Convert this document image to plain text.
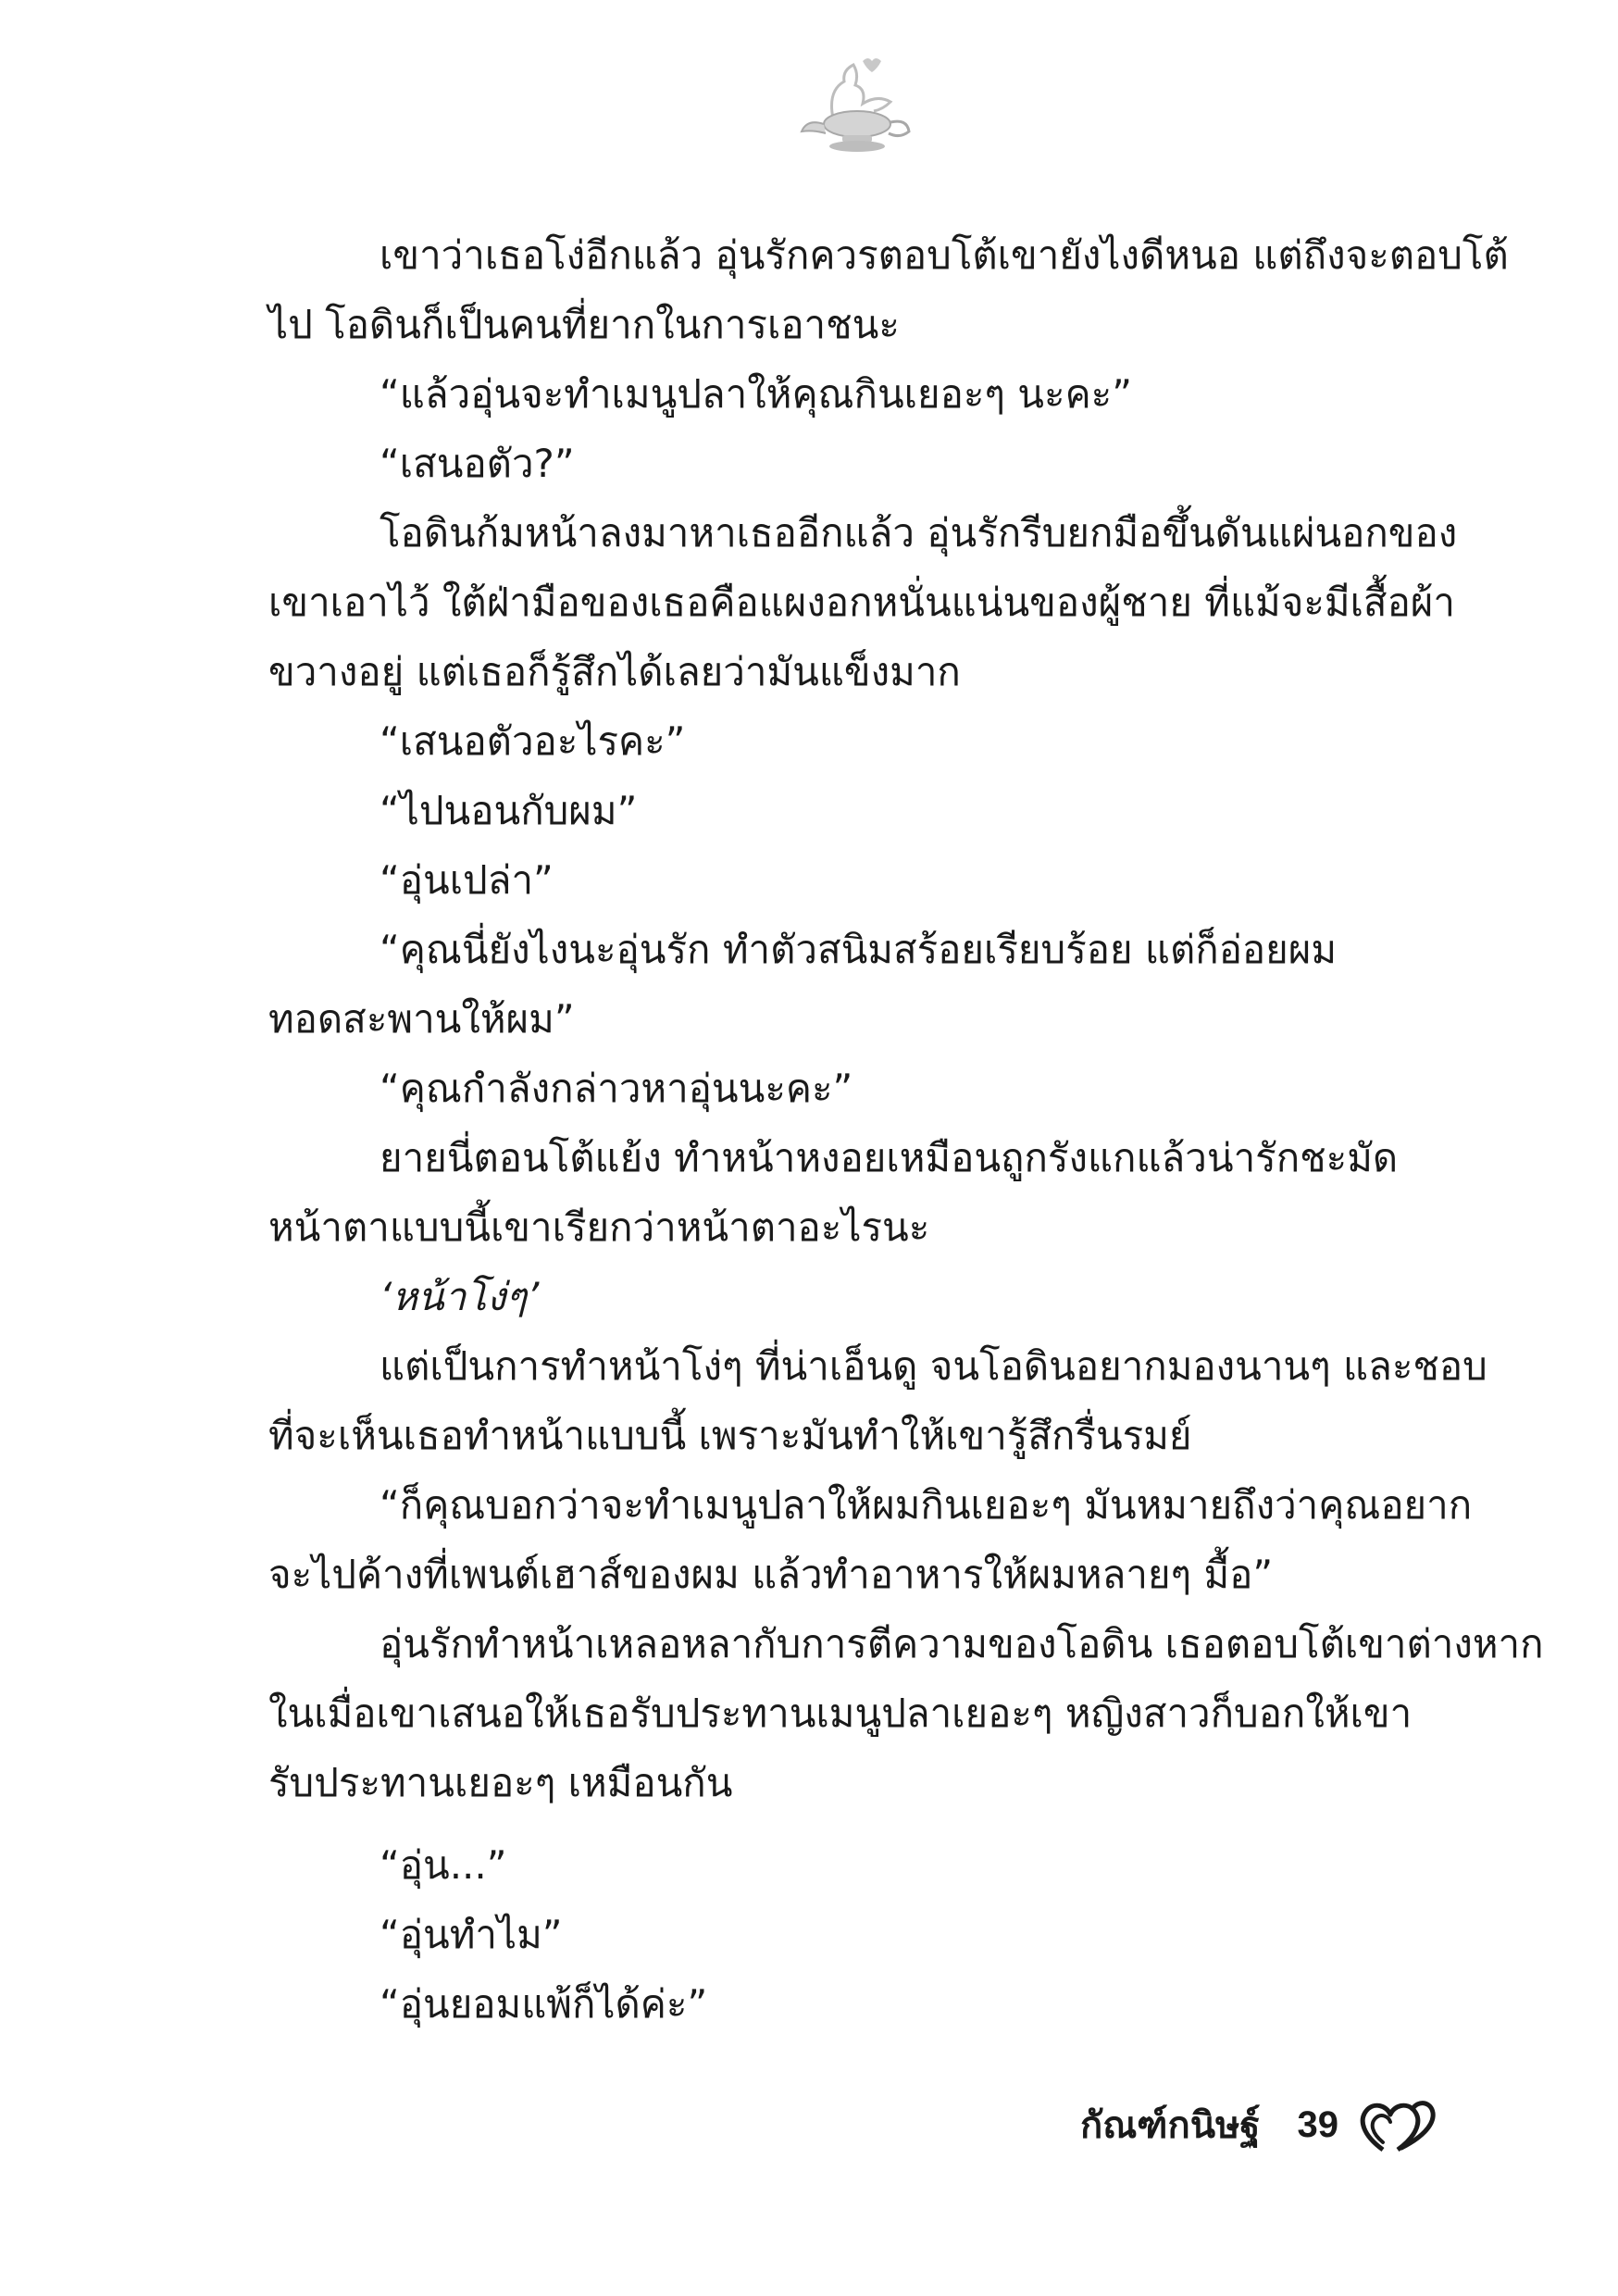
เขาว่าเธอโง่อีกแล้ว อุ่นรักควรตอบโต้เขายังไงดีหนอ แต่ถึงจะตอบโต้

ไป โอดินก็เป็นคนที่ยากในการเอาชนะ

“แล้วอุ่นจะทำเมนูปลาให้คุณกินเยอะๆ นะคะ”

“เสนอตัว?”

โอดินก้มหน้าลงมาหาเธออีกแล้ว อุ่นรักรีบยกมือขึ้นดันแผ่นอกของ

เขาเอาไว้ ใต้ฝ่ามือของเธอคือแผงอกหนั่นแน่นของผู้ชาย ที่แม้จะมีเสื้อผ้า

ขวางอยู่ แต่เธอก็รู้สึกได้เลยว่ามันแข็งมาก

“เสนอตัวอะไรคะ”

“ไปนอนกับผม”

“อุ่นเปล่า”

“คุณนี่ยังไงนะอุ่นรัก ทำตัวสนิมสร้อยเรียบร้อย แต่ก็อ่อยผม

ทอดสะพานให้ผม”

“คุณกำลังกล่าวหาอุ่นนะคะ”

ยายนี่ตอนโต้แย้ง ทำหน้าหงอยเหมือนถูกรังแกแล้วน่ารักชะมัด

หน้าตาแบบนี้เขาเรียกว่าหน้าตาอะไรนะ

‘หน้าโง่ๆ’

แต่เป็นการทำหน้าโง่ๆ ที่น่าเอ็นดู จนโอดินอยากมองนานๆ และชอบ

ที่จะเห็นเธอทำหน้าแบบนี้ เพราะมันทำให้เขารู้สึกรื่นรมย์

“ก็คุณบอกว่าจะทำเมนูปลาให้ผมกินเยอะๆ มันหมายถึงว่าคุณอยาก

จะไปค้างที่เพนต์เฮาส์ของผม แล้วทำอาหารให้ผมหลายๆ มื้อ”

อุ่นรักทำหน้าเหลอหลากับการตีความของโอดิน เธอตอบโต้เขาต่างหาก

ในเมื่อเขาเสนอให้เธอรับประทานเมนูปลาเยอะๆ หญิงสาวก็บอกให้เขา

รับประทานเยอะๆ เหมือนกัน

“อุ่น...”

“อุ่นทำไม”

“อุ่นยอมแพ้ก็ได้ค่ะ”

กัณฑ์กนิษฐ์ 39
